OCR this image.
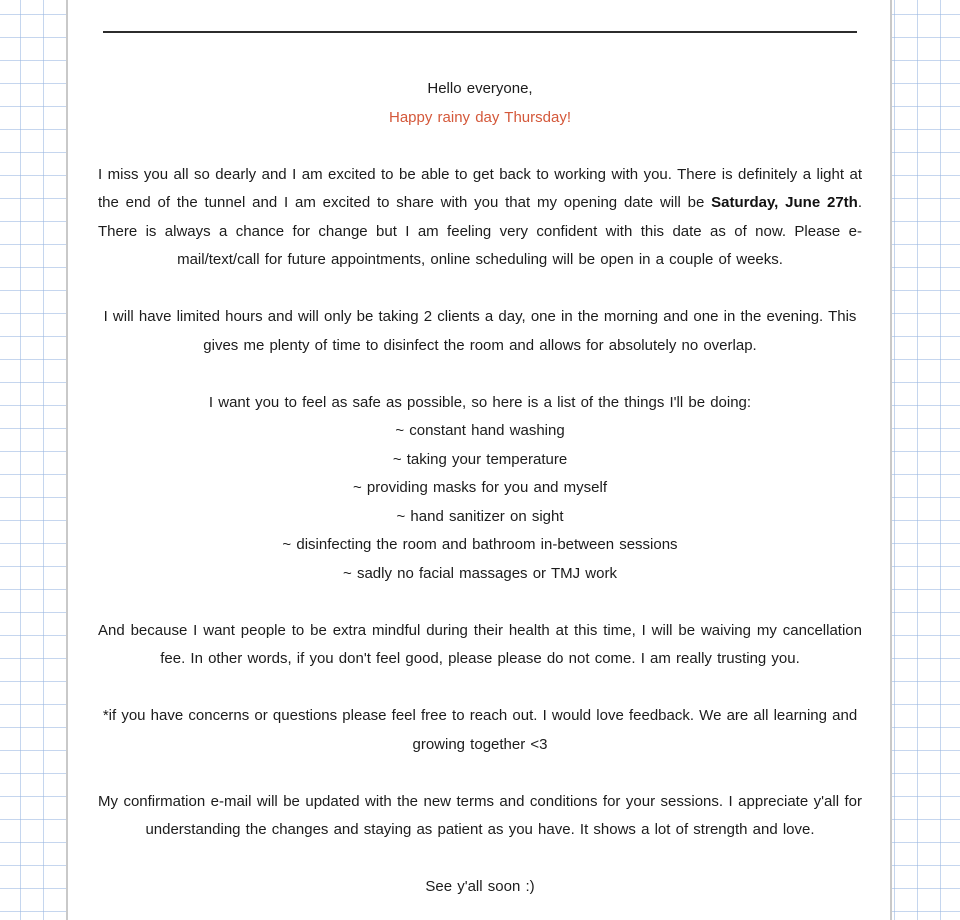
Hello everyone,

Happy rainy day Thursday!

I miss you all so dearly and I am excited to be able to get back to working with you. There is definitely a light at the end of the tunnel and I am excited to share with you that my opening date will be Saturday, June 27th. There is always a chance for change but I am feeling very confident with this date as of now. Please e-mail/text/call for future appointments, online scheduling will be open in a couple of weeks.

I will have limited hours and will only be taking 2 clients a day, one in the morning and one in the evening. This gives me plenty of time to disinfect the room and allows for absolutely no overlap.

I want you to feel as safe as possible, so here is a list of the things I'll be doing:

~ constant hand washing

~ taking your temperature

~ providing masks for you and myself

~ hand sanitizer on sight

~ disinfecting the room and bathroom in-between sessions

~ sadly no facial massages or TMJ work

And because I want people to be extra mindful during their health at this time, I will be waiving my cancellation fee. In other words, if you don't feel good, please please do not come. I am really trusting you.

*if you have concerns or questions please feel free to reach out. I would love feedback. We are all learning and growing together <3

My confirmation e-mail will be updated with the new terms and conditions for your sessions. I appreciate y'all for understanding the changes and staying as patient as you have. It shows a lot of strength and love.

See y'all soon :)
